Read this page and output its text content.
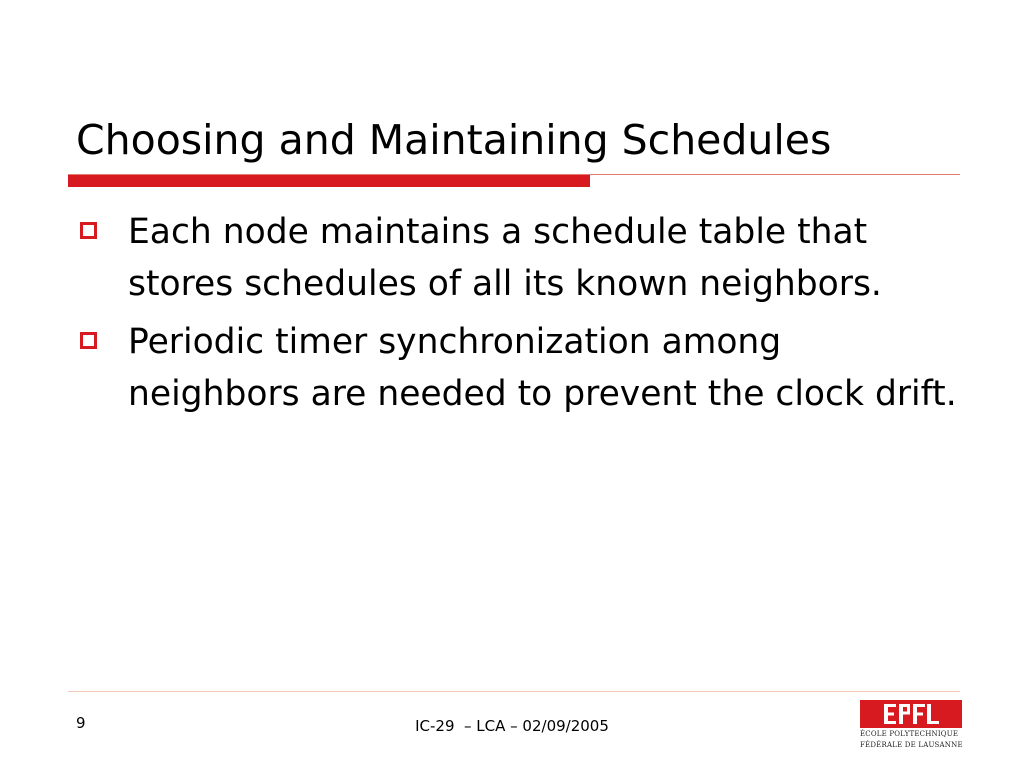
Choosing and Maintaining Schedules
Each node maintains a schedule table that stores schedules of all its known neighbors.
Periodic timer synchronization among neighbors are needed to prevent the clock drift.
9	IC-29  – LCA – 02/09/2005	ÉCOLE POLYTECHNIQUE
FÉDÉRALE DE LAUSANNE
